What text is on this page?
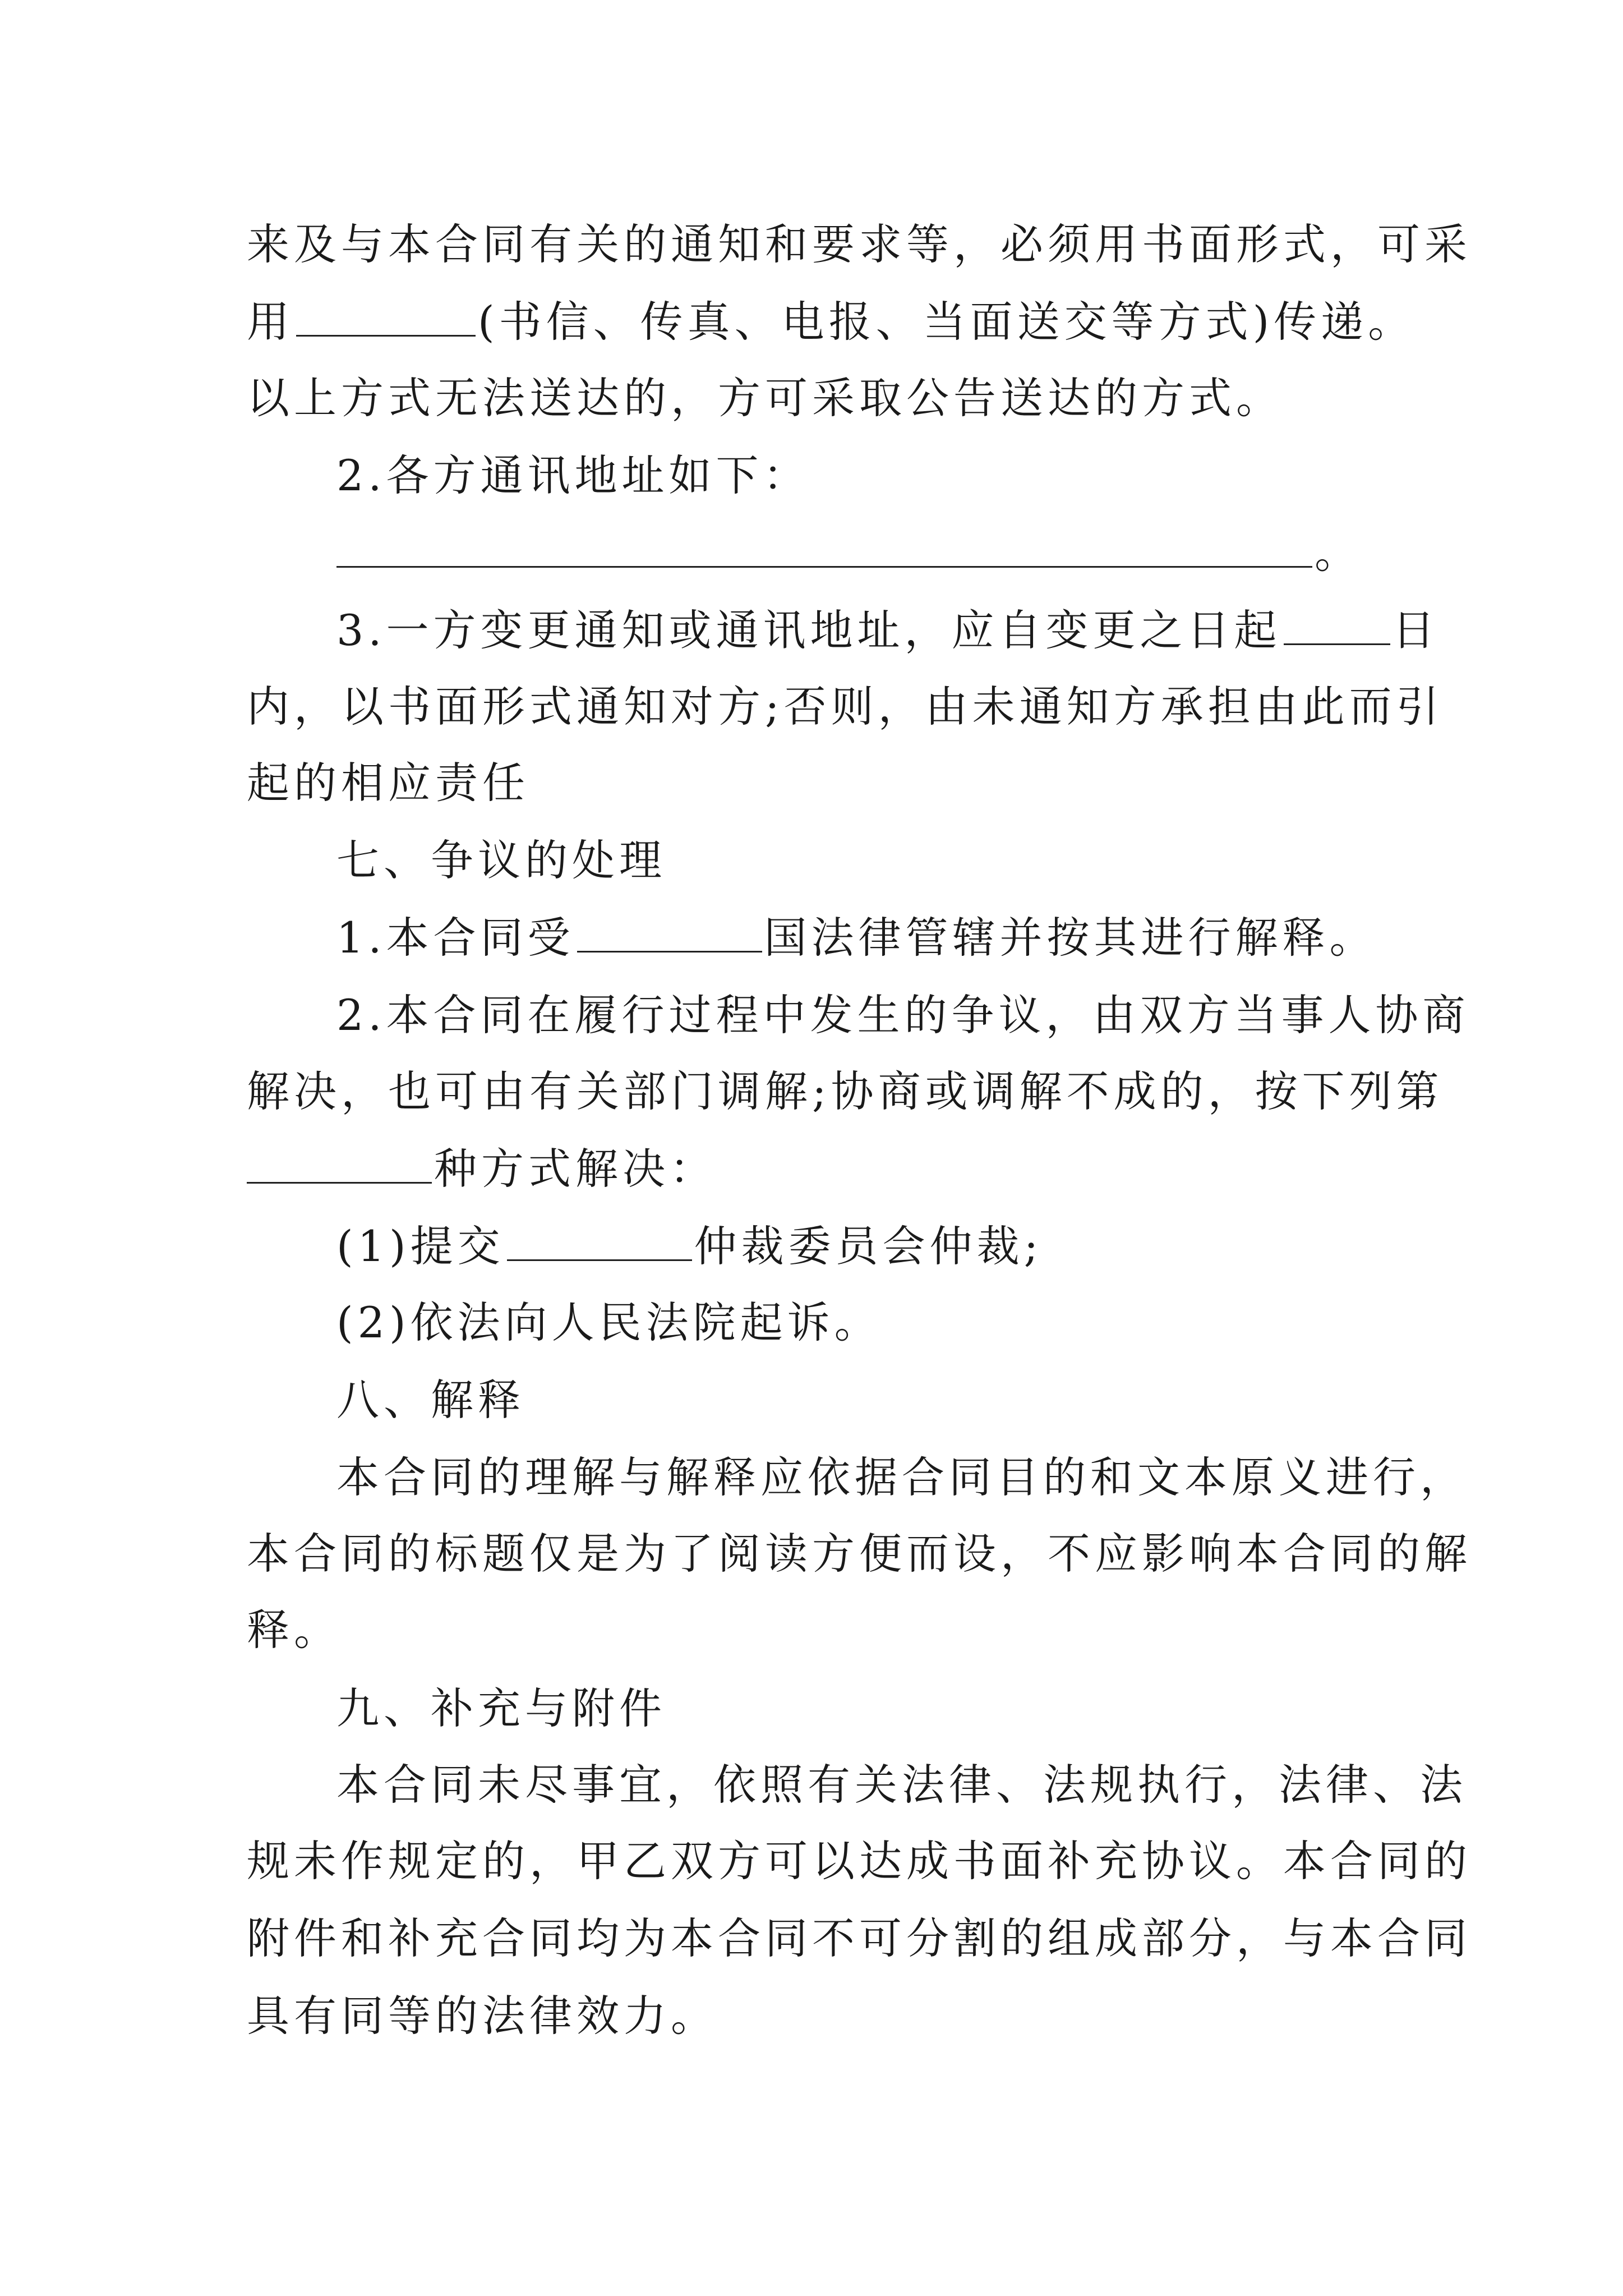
来及与本合同有关的通知和要求等，必须用书面形式，可采
用	(书信、传真、电报、当面送交等方式)传递。
以上方式无法送达的，方可采取公告送达的方式。
2.各方通讯地址如下：
。
3.一方变更通知或通讯地址，应自变更之日起	日
内，以书面形式通知对方;否则，由未通知方承担由此而引
起的相应责任
七、争议的处理
1.本合同受	国法律管辖并按其进行解释。
2.本合同在履行过程中发生的争议，由双方当事人协商
解决，也可由有关部门调解;协商或调解不成的，按下列第
种方式解决：
(1)提交	仲裁委员会仲裁;
(2)依法向人民法院起诉。
八、解释
本合同的理解与解释应依据合同目的和文本原义进行，
本合同的标题仅是为了阅读方便而设，不应影响本合同的解
释。
九、补充与附件
本合同未尽事宜，依照有关法律、法规执行，法律、法
规未作规定的，甲乙双方可以达成书面补充协议。本合同的
附件和补充合同均为本合同不可分割的组成部分，与本合同
具有同等的法律效力。
